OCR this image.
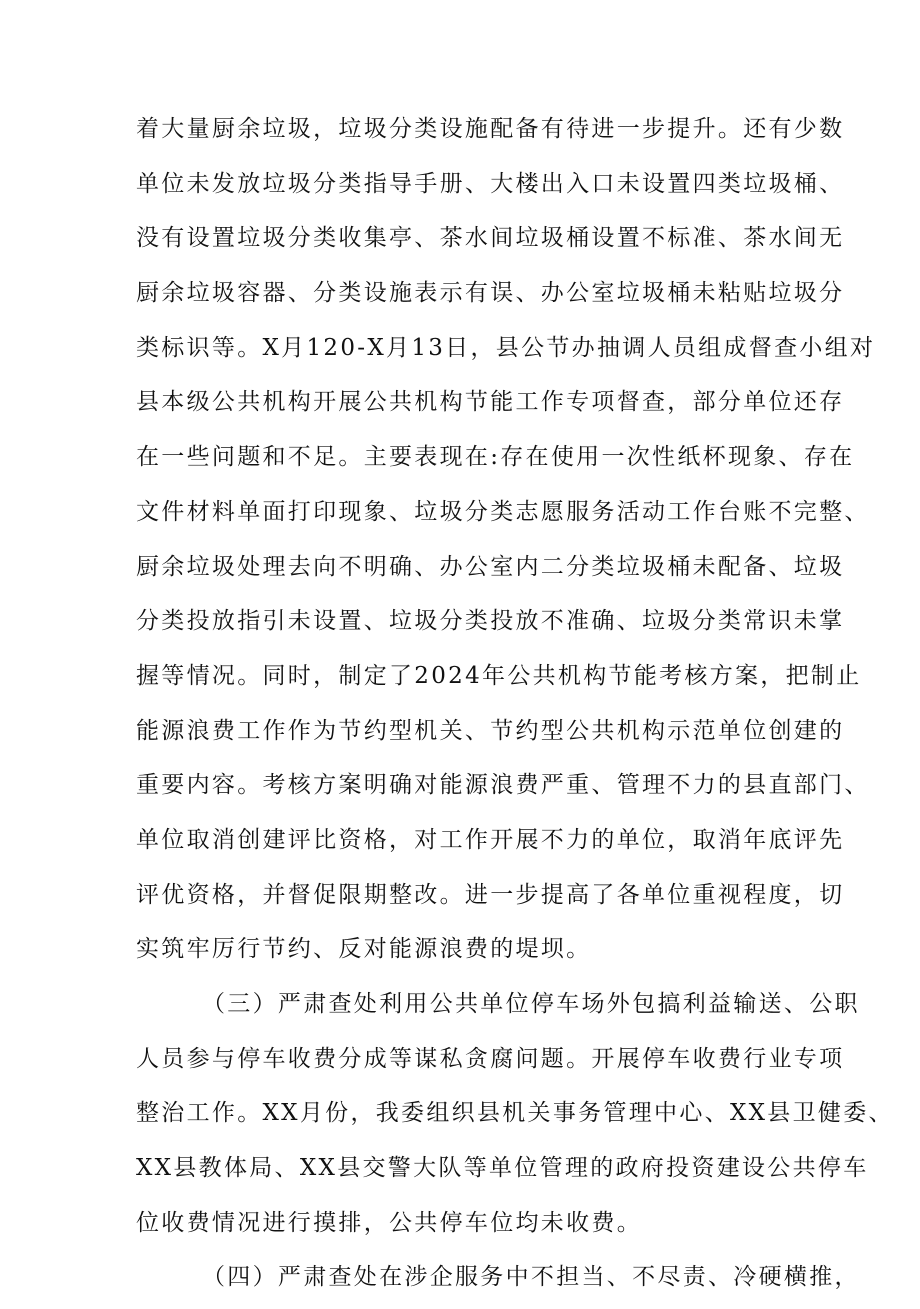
着大量厨余垃圾，垃圾分类设施配备有待进一步提升。还有少数
单位未发放垃圾分类指导手册、大楼出入口未设置四类垃圾桶、
没有设置垃圾分类收集亭、茶水间垃圾桶设置不标准、茶水间无
厨余垃圾容器、分类设施表示有误、办公室垃圾桶未粘贴垃圾分
类标识等。X月120-X月13日，县公节办抽调人员组成督查小组对
县本级公共机构开展公共机构节能工作专项督查，部分单位还存
在一些问题和不足。主要表现在:存在使用一次性纸杯现象、存在
文件材料单面打印现象、垃圾分类志愿服务活动工作台账不完整、
厨余垃圾处理去向不明确、办公室内二分类垃圾桶未配备、垃圾
分类投放指引未设置、垃圾分类投放不准确、垃圾分类常识未掌
握等情况。同时，制定了2024年公共机构节能考核方案，把制止
能源浪费工作作为节约型机关、节约型公共机构示范单位创建的
重要内容。考核方案明确对能源浪费严重、管理不力的县直部门、
单位取消创建评比资格，对工作开展不力的单位，取消年底评先
评优资格，并督促限期整改。进一步提高了各单位重视程度，切
实筑牢厉行节约、反对能源浪费的堤坝。
（三）严肃查处利用公共单位停车场外包搞利益输送、公职
人员参与停车收费分成等谋私贪腐问题。开展停车收费行业专项
整治工作。XX月份，我委组织县机关事务管理中心、XX县卫健委、
XX县教体局、XX县交警大队等单位管理的政府投资建设公共停车
位收费情况进行摸排，公共停车位均未收费。
（四）严肃查处在涉企服务中不担当、不尽责、冷硬横推，
